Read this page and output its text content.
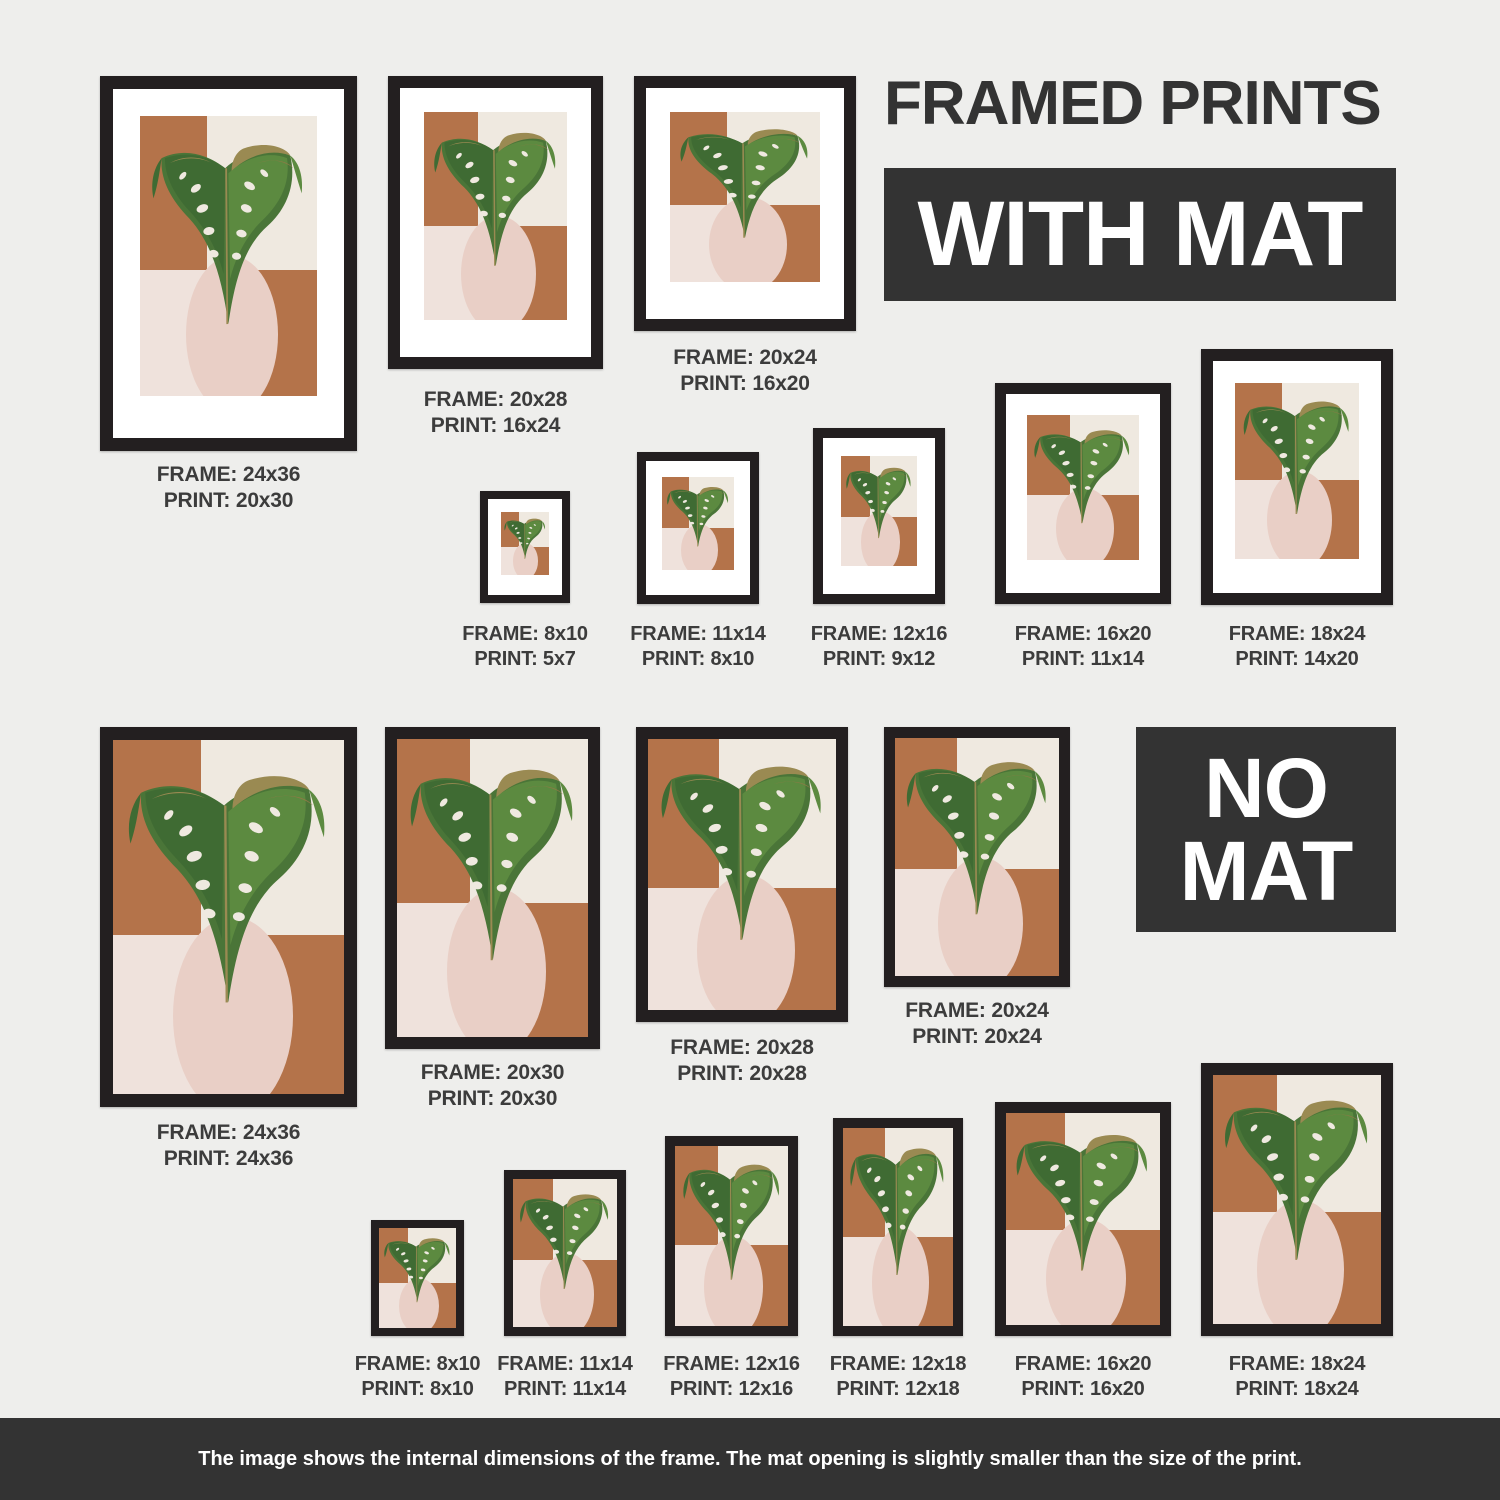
FRAME: 24x36
PRINT: 20x30
FRAME: 20x28
PRINT: 16x24
FRAME: 20x24
PRINT: 16x20
FRAME: 8x10
PRINT: 5x7
FRAME: 11x14
PRINT: 8x10
FRAME: 12x16
PRINT: 9x12
FRAME: 16x20
PRINT: 11x14
FRAME: 18x24
PRINT: 14x20
FRAME: 24x36
PRINT: 24x36
FRAME: 20x30
PRINT: 20x30
FRAME: 20x28
PRINT: 20x28
FRAME: 20x24
PRINT: 20x24
FRAME: 8x10
PRINT: 8x10
FRAME: 11x14
PRINT: 11x14
FRAME: 12x16
PRINT: 12x16
FRAME: 12x18
PRINT: 12x18
FRAME: 16x20
PRINT: 16x20
FRAME: 18x24
PRINT: 18x24
FRAMED PRINTS
WITH MAT
NO
MAT
The image shows the internal dimensions of the frame. The mat opening is slightly smaller than the size of the print.
